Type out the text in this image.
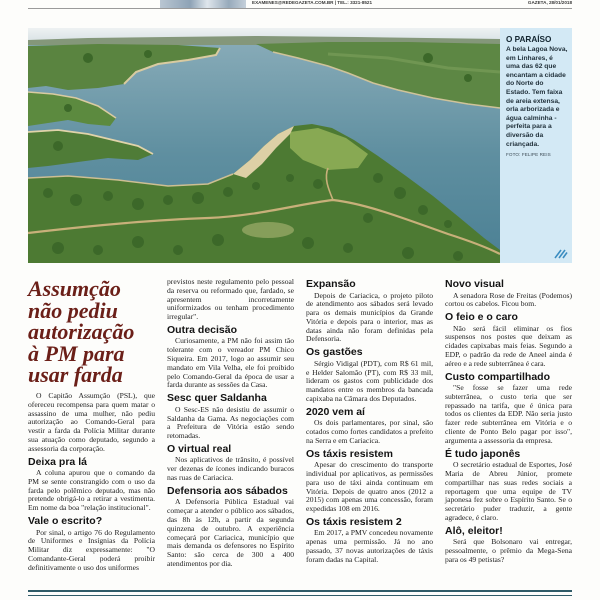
EXAMENES@REDEGAZETA.COM.BR | TEL.: 3321-8521	GAZETA, 28/01/2018
O PARAÍSO

A bela Lagoa Nova, em Linhares, é uma das 62 que encantam a cidade do Norte do Estado. Tem faixa de areia extensa, orla arborizada e água calminha - perfeita para a diversão da criançada.

FOTO: FELIPE REIS

Assumção não pediu autorização à PM para usar farda

O Capitão Assumção (PSL), que ofereceu recompensa para quem matar o assassino de uma mulher, não pediu autorização ao Comando-Geral para vestir a farda da Polícia Militar durante sua atuação como deputado, segundo a assessoria da corporação.

Deixa pra lá

A coluna apurou que o comando da PM se sente constrangido com o uso da farda pelo polêmico deputado, mas não pretende obrigá-lo a retirar a vestimenta. Em nome da boa "relação institucional".

Vale o escrito?

Por sinal, o artigo 76 do Regulamento de Uniformes e Insígnias da Polícia Militar diz expressamente: "O Comandante-Geral poderá proibir definitivamente o uso dos uniformes

previstos neste regulamento pelo pessoal da reserva ou reformado que, fardado, se apresentem incorretamente uniformizados ou tenham procedimento irregular".

Outra decisão

Curiosamente, a PM não foi assim tão tolerante com o vereador PM Chico Siqueira. Em 2017, logo ao assumir seu mandato em Vila Velha, ele foi proibido pelo Comando-Geral da época de usar a farda durante as sessões da Casa.

Sesc quer Saldanha

O Sesc-ES não desistiu de assumir o Saldanha da Gama. As negociações com a Prefeitura de Vitória estão sendo retomadas.

O virtual real

Nos aplicativos de trânsito, é possível ver dezenas de ícones indicando buracos nas ruas de Cariacica.

Defensoria aos sábados

A Defensoria Pública Estadual vai começar a atender o público aos sábados, das 8h às 12h, a partir da segunda quinzena de outubro. A experiência começará por Cariacica, município que mais demanda os defensores no Espírito Santo: são cerca de 300 a 400 atendimentos por dia.

Expansão

Depois de Cariacica, o projeto piloto de atendimento aos sábados será levado para os demais municípios da Grande Vitória e depois para o interior, mas as datas ainda não foram definidas pela Defensoria.

Os gastões

Sérgio Vidigal (PDT), com R$ 61 mil, e Helder Salomão (PT), com R$ 33 mil, lideram os gastos com publicidade dos mandatos entre os membros da bancada capixaba na Câmara dos Deputados.

2020 vem aí

Os dois parlamentares, por sinal, são cotados como fortes candidatos a prefeito na Serra e em Cariacica.

Os táxis resistem

Apesar do crescimento do transporte individual por aplicativos, as permissões para uso de táxi ainda continuam em Vitória. Depois de quatro anos (2012 a 2015) com apenas uma concessão, foram expedidas 108 em 2016.

Os táxis resistem 2

Em 2017, a PMV concedeu novamente apenas uma permissão. Já no ano passado, 37 novas autorizações de táxis foram dadas na Capital.

Novo visual

A senadora Rose de Freitas (Podemos) cortou os cabelos. Ficou bom.

O feio e o caro

Não será fácil eliminar os fios suspensos nos postes que deixam as cidades capixabas mais feias. Segundo a EDP, o padrão da rede de Aneel ainda é aéreo e a rede subterrânea é cara.

Custo compartilhado

"Se fosse se fazer uma rede subterrânea, o custo teria que ser repassado na tarifa, que é única para todos os clientes da EDP. Não seria justo fazer rede subterrânea em Vitória e o cliente de Ponto Belo pagar por isso", argumenta a assessoria da empresa.

É tudo japonês

O secretário estadual de Esportes, José Maria de Abreu Júnior, promete compartilhar nas suas redes sociais a reportagem que uma equipe de TV japonesa fez sobre o Espírito Santo. Se o secretário puder traduzir, a gente agradece, é claro.

Alô, eleitor!

Será que Bolsonaro vai entregar, pessoalmente, o prêmio da Mega-Sena para os 49 petistas?
